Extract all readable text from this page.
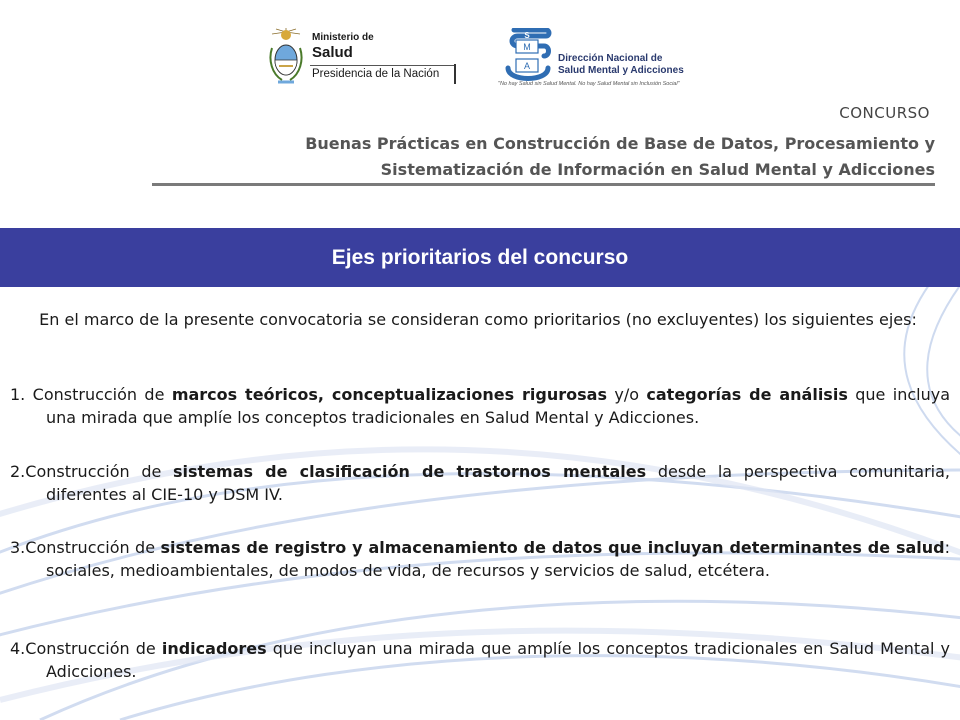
Ministerio de
Salud
Presidencia de la Nación
S
M
A
Dirección Nacional de
Salud Mental y Adicciones
"No hay Salud sin Salud Mental. No hay Salud Mental sin Inclusión Social"
CONCURSO
Buenas Prácticas en Construcción de Base de Datos, Procesamiento y
Sistematización de Información en Salud Mental y Adicciones
Ejes prioritarios del concurso
En el marco de la presente convocatoria se consideran como prioritarios (no excluyentes) los siguientes ejes:
1. Construcción de marcos teóricos, conceptualizaciones rigurosas y/o categorías de análisis que incluya una mirada que amplíe los conceptos tradicionales en Salud Mental y Adicciones.
2.Construcción de sistemas de clasificación de trastornos mentales desde la perspectiva comunitaria, diferentes al CIE-10 y DSM IV.
3.Construcción de sistemas de registro y almacenamiento de datos que incluyan determinantes de salud: sociales, medioambientales, de modos de vida, de recursos y servicios de salud, etcétera.
4.Construcción de indicadores que incluyan una mirada que amplíe los conceptos tradicionales en Salud Mental y Adicciones.
